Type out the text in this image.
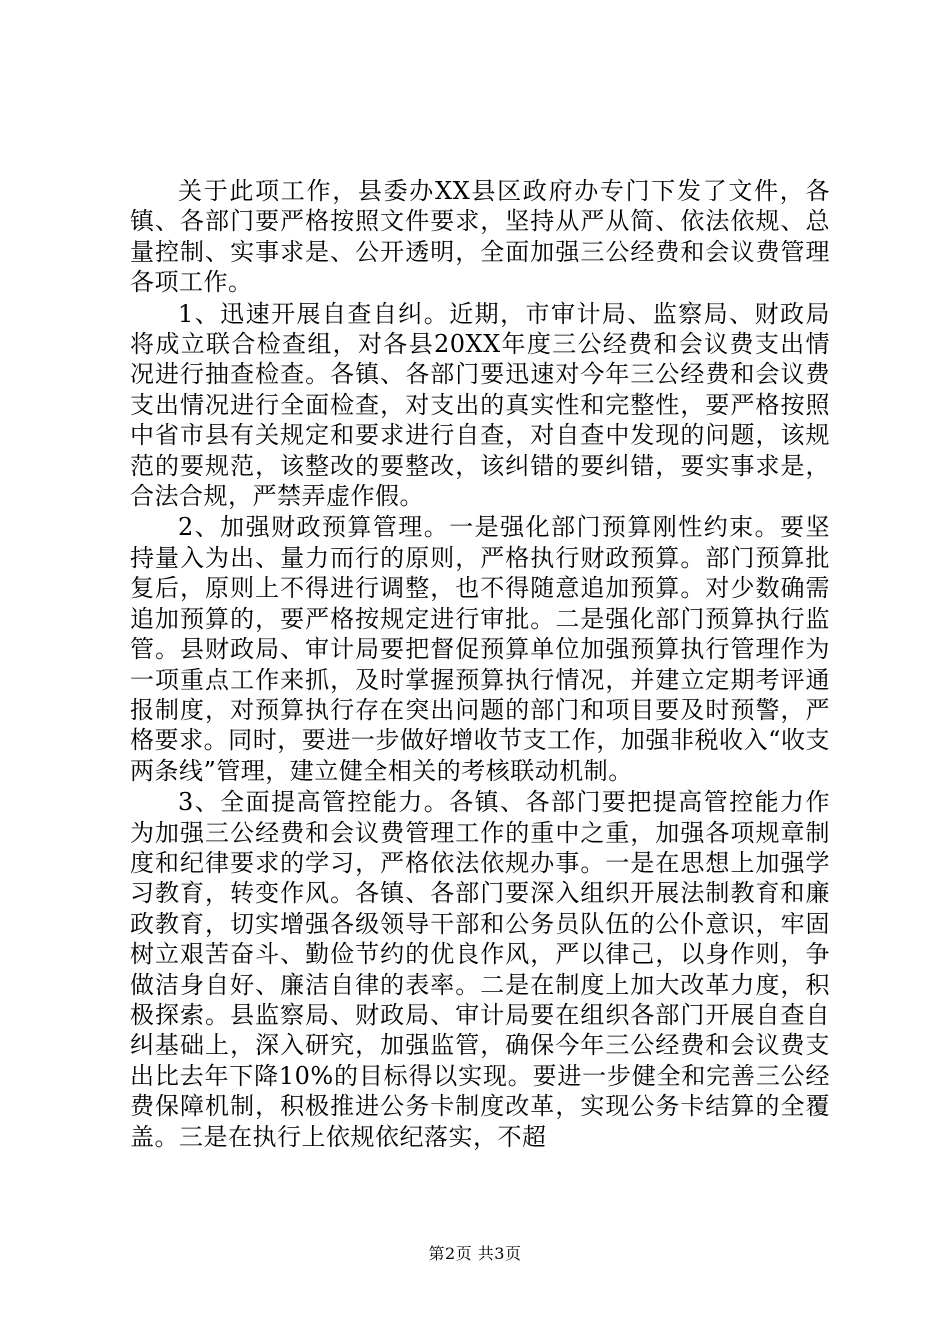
关于此项工作，县委办XX县区政府办专门下发了文件，各镇、各部门要严格按照文件要求，坚持从严从简、依法依规、总量控制、实事求是、公开透明，全面加强三公经费和会议费管理各项工作。

1、迅速开展自查自纠。近期，市审计局、监察局、财政局将成立联合检查组，对各县20XX年度三公经费和会议费支出情况进行抽查检查。各镇、各部门要迅速对今年三公经费和会议费支出情况进行全面检查，对支出的真实性和完整性，要严格按照中省市县有关规定和要求进行自查，对自查中发现的问题，该规范的要规范，该整改的要整改，该纠错的要纠错，要实事求是，合法合规，严禁弄虚作假。

2、加强财政预算管理。一是强化部门预算刚性约束。要坚持量入为出、量力而行的原则，严格执行财政预算。部门预算批复后，原则上不得进行调整，也不得随意追加预算。对少数确需追加预算的，要严格按规定进行审批。二是强化部门预算执行监管。县财政局、审计局要把督促预算单位加强预算执行管理作为一项重点工作来抓，及时掌握预算执行情况，并建立定期考评通报制度，对预算执行存在突出问题的部门和项目要及时预警，严格要求。同时，要进一步做好增收节支工作，加强非税收入“收支两条线”管理，建立健全相关的考核联动机制。

3、全面提高管控能力。各镇、各部门要把提高管控能力作为加强三公经费和会议费管理工作的重中之重，加强各项规章制度和纪律要求的学习，严格依法依规办事。一是在思想上加强学习教育，转变作风。各镇、各部门要深入组织开展法制教育和廉政教育，切实增强各级领导干部和公务员队伍的公仆意识，牢固树立艰苦奋斗、勤俭节约的优良作风，严以律己，以身作则，争做洁身自好、廉洁自律的表率。二是在制度上加大改革力度，积极探索。县监察局、财政局、审计局要在组织各部门开展自查自纠基础上，深入研究，加强监管，确保今年三公经费和会议费支出比去年下降10%的目标得以实现。要进一步健全和完善三公经费保障机制，积极推进公务卡制度改革，实现公务卡结算的全覆盖。三是在执行上依规依纪落实，不超

第2页 共3页
